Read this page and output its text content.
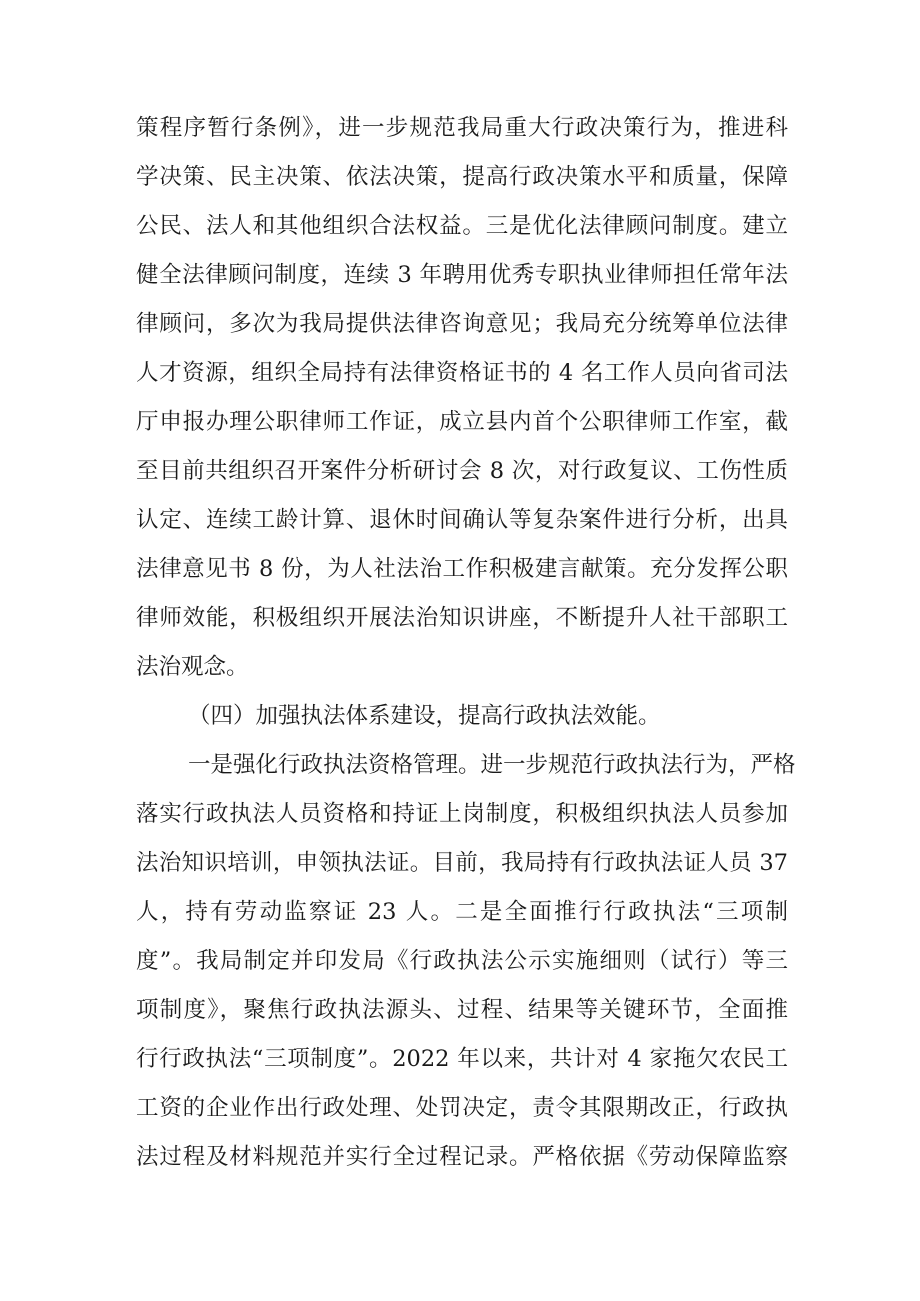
策程序暂行条例》，进一步规范我局重大行政决策行为，推进科
学决策、民主决策、依法决策，提高行政决策水平和质量，保障
公民、法人和其他组织合法权益。三是优化法律顾问制度。建立
健全法律顾问制度，连续 3 年聘用优秀专职执业律师担任常年法
律顾问，多次为我局提供法律咨询意见；我局充分统筹单位法律
人才资源，组织全局持有法律资格证书的 4 名工作人员向省司法
厅申报办理公职律师工作证，成立县内首个公职律师工作室，截
至目前共组织召开案件分析研讨会 8 次，对行政复议、工伤性质
认定、连续工龄计算、退休时间确认等复杂案件进行分析，出具
法律意见书 8 份，为人社法治工作积极建言献策。充分发挥公职
律师效能，积极组织开展法治知识讲座，不断提升人社干部职工
法治观念。
（四）加强执法体系建设，提高行政执法效能。
一是强化行政执法资格管理。进一步规范行政执法行为，严格
落实行政执法人员资格和持证上岗制度，积极组织执法人员参加
法治知识培训，申领执法证。目前，我局持有行政执法证人员 37
人，持有劳动监察证 23 人。二是全面推行行政执法“三项制
度”。我局制定并印发局《行政执法公示实施细则（试行）等三
项制度》，聚焦行政执法源头、过程、结果等关键环节，全面推
行行政执法“三项制度”。2022 年以来，共计对 4 家拖欠农民工
工资的企业作出行政处理、处罚决定，责令其限期改正，行政执
法过程及材料规范并实行全过程记录。严格依据《劳动保障监察
